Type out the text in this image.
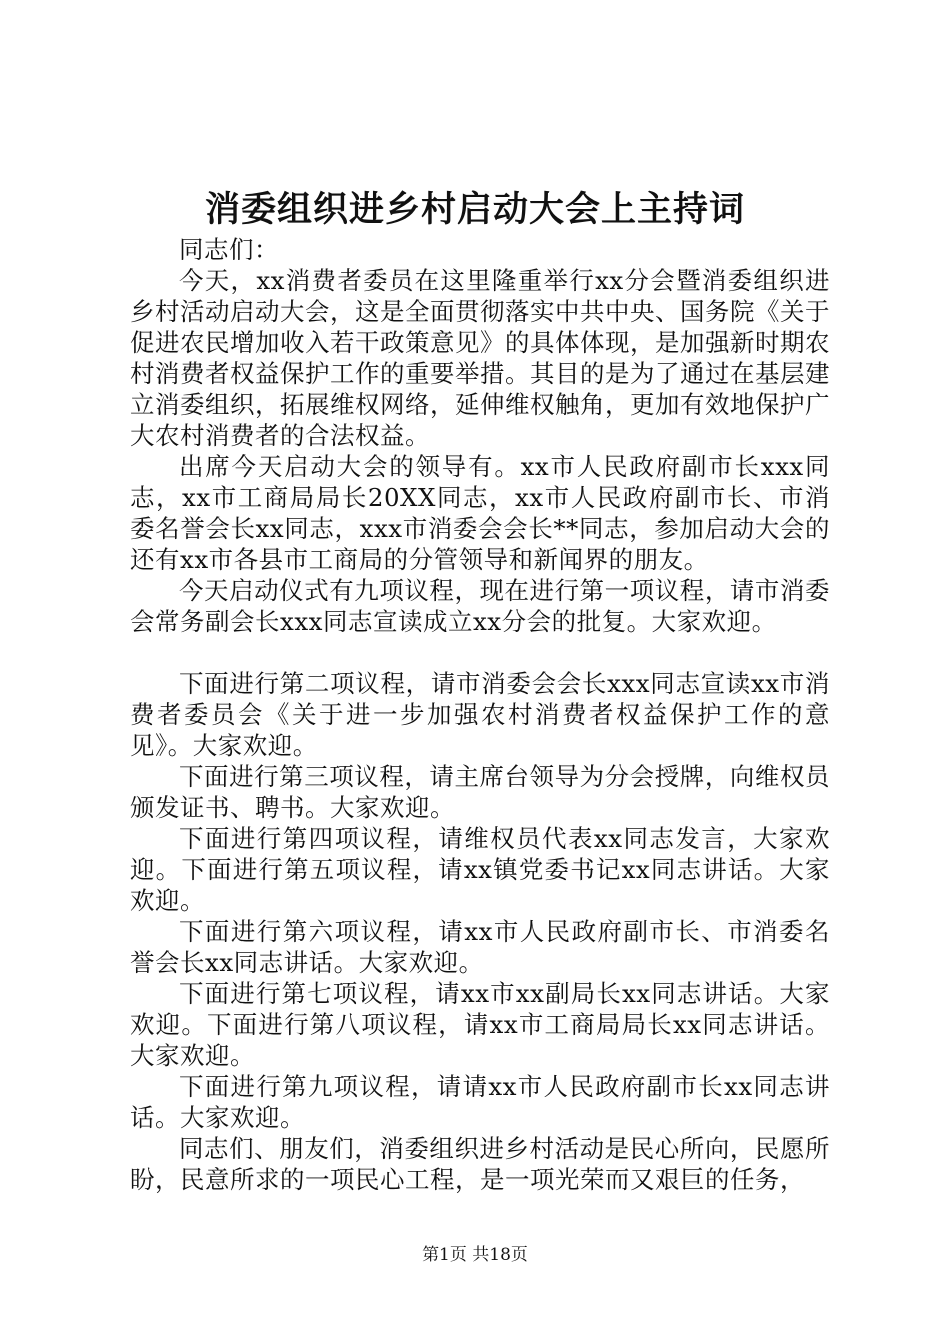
消委组织进乡村启动大会上主持词

同志们：

今天，xx消费者委员在这里隆重举行xx分会暨消委组织进乡村活动启动大会，这是全面贯彻落实中共中央、国务院《关于促进农民增加收入若干政策意见》的具体体现，是加强新时期农村消费者权益保护工作的重要举措。其目的是为了通过在基层建立消委组织，拓展维权网络，延伸维权触角，更加有效地保护广大农村消费者的合法权益。

出席今天启动大会的领导有。xx市人民政府副市长xxx同志，xx市工商局局长20XX同志，xx市人民政府副市长、市消委名誉会长xx同志，xxx市消委会会长**同志，参加启动大会的还有xx市各县市工商局的分管领导和新闻界的朋友。

今天启动仪式有九项议程，现在进行第一项议程，请市消委会常务副会长xxx同志宣读成立xx分会的批复。大家欢迎。

下面进行第二项议程，请市消委会会长xxx同志宣读xx市消费者委员会《关于进一步加强农村消费者权益保护工作的意见》。大家欢迎。

下面进行第三项议程，请主席台领导为分会授牌，向维权员颁发证书、聘书。大家欢迎。

下面进行第四项议程，请维权员代表xx同志发言，大家欢迎。下面进行第五项议程，请xx镇党委书记xx同志讲话。大家欢迎。

下面进行第六项议程，请xx市人民政府副市长、市消委名誉会长xx同志讲话。大家欢迎。

下面进行第七项议程，请xx市xx副局长xx同志讲话。大家欢迎。下面进行第八项议程，请xx市工商局局长xx同志讲话。大家欢迎。

下面进行第九项议程，请请xx市人民政府副市长xx同志讲话。大家欢迎。

同志们、朋友们，消委组织进乡村活动是民心所向，民愿所盼，民意所求的一项民心工程，是一项光荣而又艰巨的任务，

第1页 共18页
